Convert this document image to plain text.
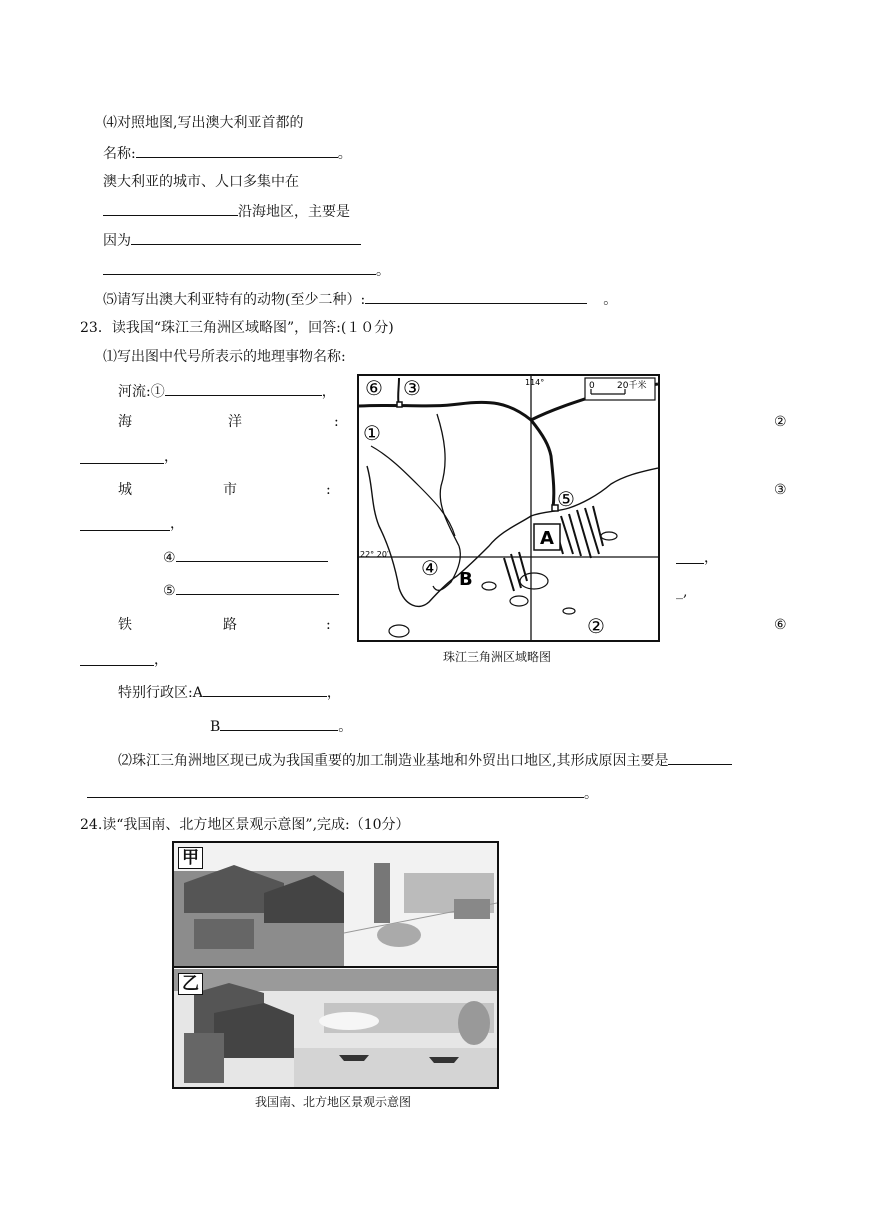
⑷对照地图,写出澳大利亚首都的
名称:	。
澳大利亚的城市、人口多集中在
沿海地区，主要是
因为
。
⑸请写出澳大利亚特有的动物(至少二种）:	。
23．读我国“珠江三角洲区域略图”，回答:(１０分)
⑴写出图中代号所表示的地理事物名称:
河流:①	，
海	洋	:	②
，
城	市	:	③
，
④	，
⑤	_,
铁	路	:	⑥
，
特别行政区:A	，
B	。
⑵珠江三角洲地区现已成为我国重要的加工制造业基地和外贸出口地区,其形成原因主要是
。
0 20千米
114°
22° 20′
⑥ ③
①
⑤
④
②
A
B
珠江三角洲区域略图
24.读“我国南、北方地区景观示意图”,完成:（10分）
甲
乙
我国南、北方地区景观示意图
